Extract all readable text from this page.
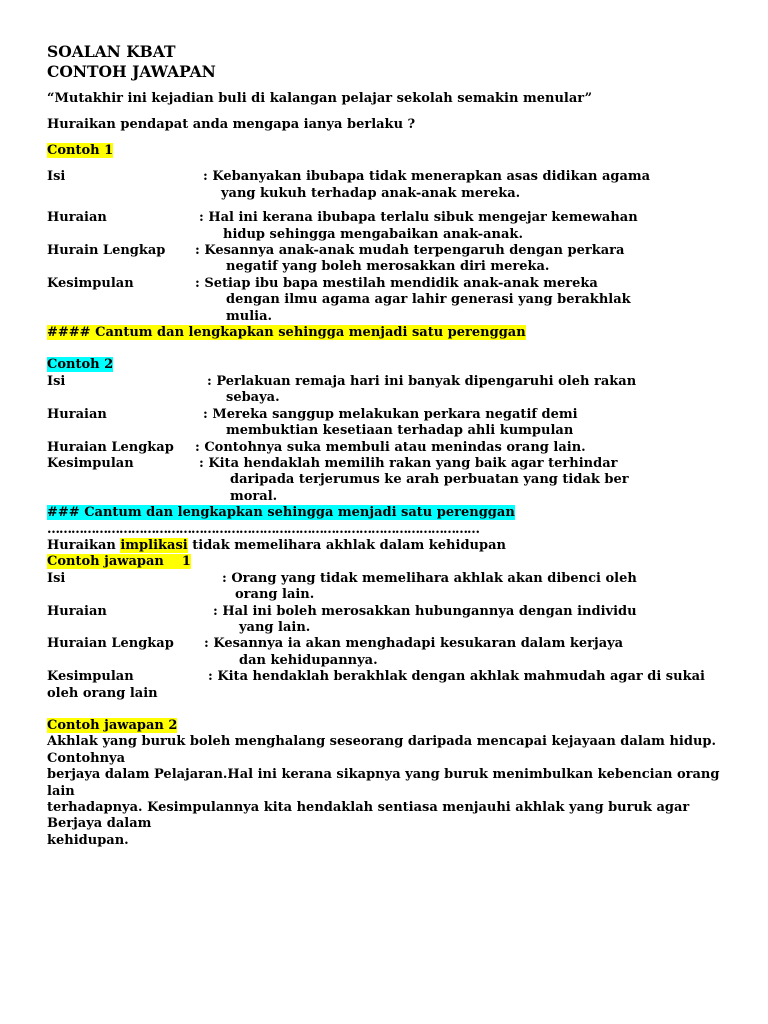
SOALAN KBAT
CONTOH JAWAPAN
“Mutakhir ini kejadian buli di kalangan pelajar sekolah semakin menular”
Huraikan pendapat anda mengapa ianya berlaku ?
Contoh 1
Isi	: Kebanyakan ibubapa tidak menerapkan asas didikan agama
yang kukuh terhadap anak-anak mereka.
Huraian	: Hal ini kerana ibubapa terlalu sibuk mengejar kemewahan
hidup sehingga mengabaikan anak-anak.
Hurain Lengkap	: Kesannya anak-anak mudah terpengaruh dengan perkara
negatif yang boleh merosakkan diri mereka.
Kesimpulan	: Setiap ibu bapa mestilah mendidik anak-anak mereka
dengan ilmu agama agar lahir generasi yang berakhlak
mulia.
#### Cantum dan lengkapkan sehingga menjadi satu perenggan
Contoh 2
Isi	: Perlakuan remaja hari ini banyak dipengaruhi oleh rakan
sebaya.
Huraian	: Mereka sanggup melakukan perkara negatif demi
membuktian kesetiaan terhadap ahli kumpulan
Huraian Lengkap	: Contohnya suka membuli atau menindas orang lain.
Kesimpulan	: Kita hendaklah memilih rakan yang baik agar terhindar
daripada terjerumus ke arah perbuatan yang tidak ber
moral.
### Cantum dan lengkapkan sehingga menjadi satu perenggan
………………………………………………………………………………………………
Huraikan implikasi tidak memelihara akhlak dalam kehidupan
Contoh jawapan    1
Isi	: Orang yang tidak memelihara akhlak akan dibenci oleh
orang lain.
Huraian	: Hal ini boleh merosakkan hubungannya dengan individu
yang lain.
Huraian Lengkap	: Kesannya ia akan menghadapi kesukaran dalam kerjaya
dan kehidupannya.
Kesimpulan	: Kita hendaklah berakhlak dengan akhlak mahmudah agar di sukai
oleh orang lain
Contoh jawapan 2
Akhlak yang buruk boleh menghalang seseorang daripada mencapai kejayaan dalam hidup.
Contohnya
berjaya dalam Pelajaran.Hal ini kerana sikapnya yang buruk menimbulkan kebencian orang
lain
terhadapnya. Kesimpulannya kita hendaklah sentiasa menjauhi akhlak yang buruk agar
Berjaya dalam
kehidupan.
